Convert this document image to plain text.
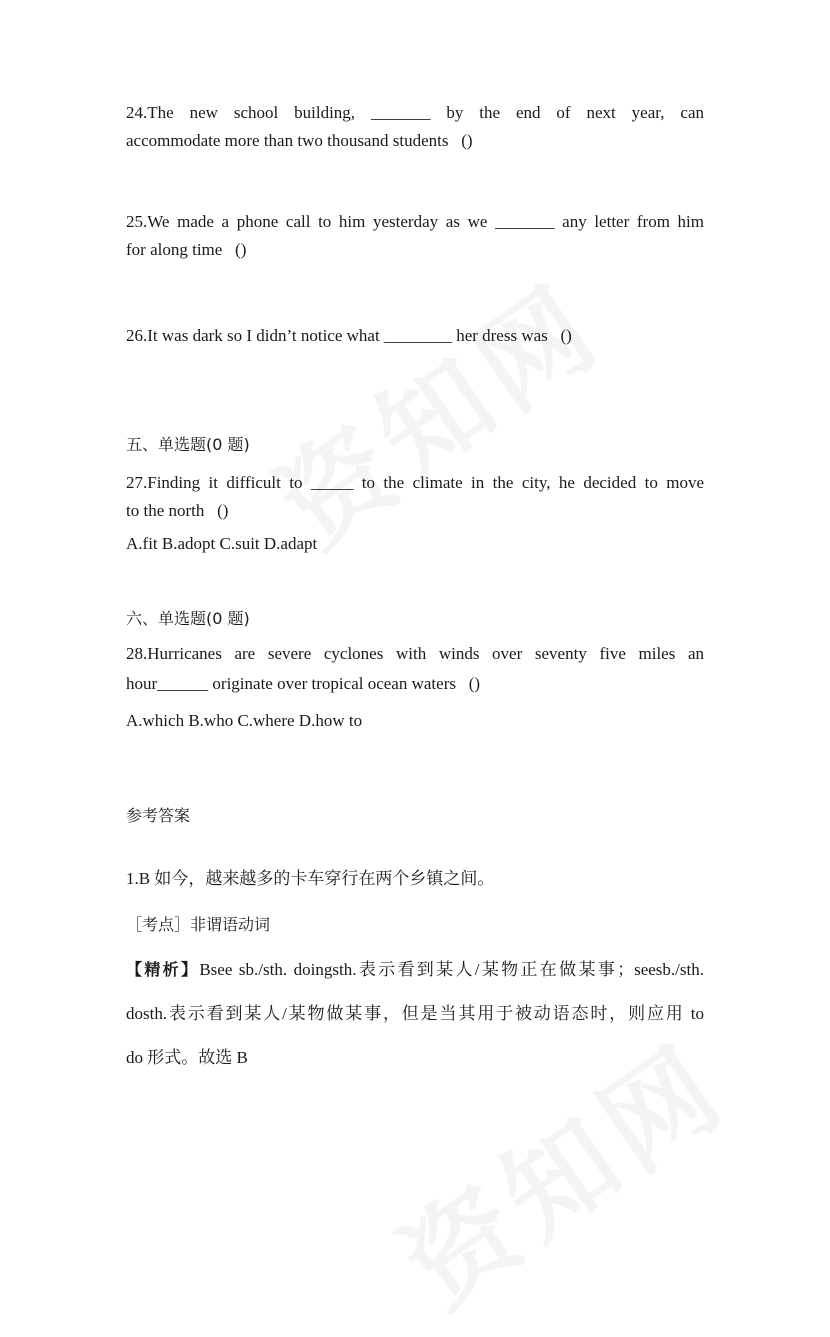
24.The new school building, _______ by the end of next year, can
accommodate more than two thousand students   ()
25.We made a phone call to him yesterday as we _______ any letter from him
for along time   ()
26.It was dark so I didn’t notice what ________ her dress was   ()
五、单选题(0 题)
27.Finding it difficult to _____ to the climate in the city, he decided to move
to the north   ()
A.fit B.adopt C.suit D.adapt
六、单选题(0 题)
28.Hurricanes are severe cyclones with winds over seventy five miles an
hour______ originate over tropical ocean waters   ()
A.which B.who C.where D.how to
参考答案
1.B 如今，越来越多的卡车穿行在两个乡镇之间。
［考点］非谓语动词
【精析】Bsee sb./sth. doingsth.表示看到某人/某物正在做某事；seesb./sth.
dosth.表示看到某人/某物做某事，但是当其用于被动语态时，则应用 to
do 形式。故选 B
